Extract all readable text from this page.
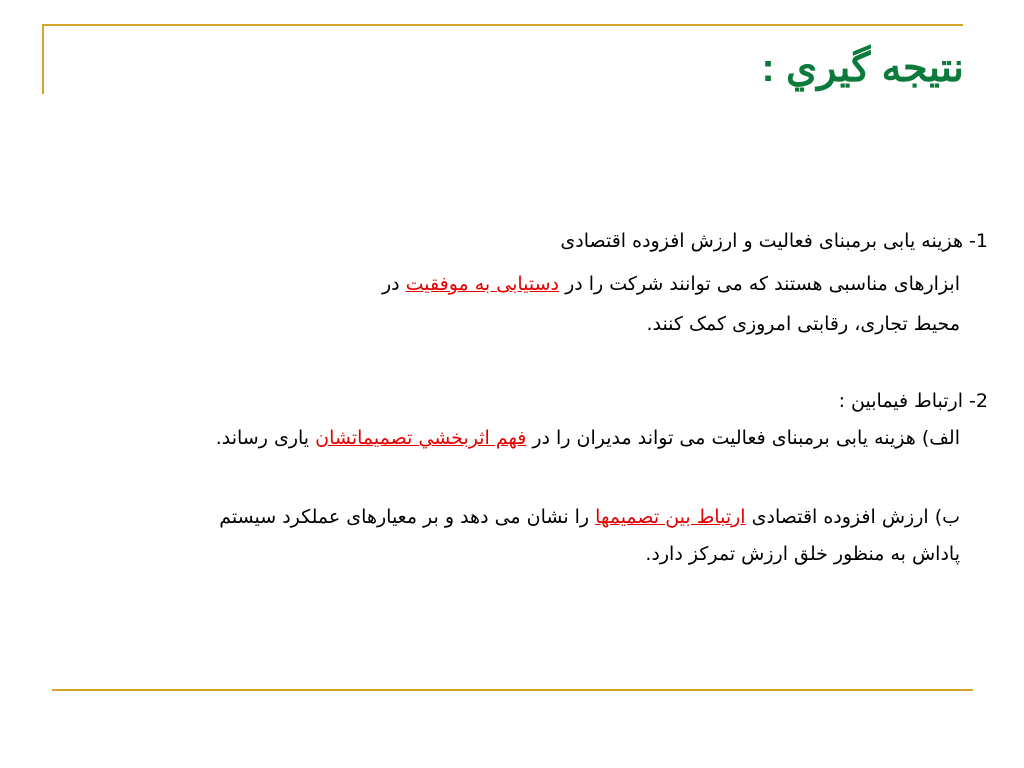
نتيجه گيري :
1- هزینه یابی برمبنای فعالیت و ارزش افزوده اقتصادی
ابزارهای مناسبی هستند که می توانند شرکت را در دستیابی به موفقیت در
محیط تجاری، رقابتی امروزی کمک کنند.
2- ارتباط فیمابین :
الف) هزینه یابی برمبنای فعالیت می تواند مدیران را در فهم اثربخشي تصميماتشان یاری رساند.
ب) ارزش افزوده اقتصادی ارتباط بین تصمیمها را نشان می دهد و بر معیارهای عملکرد سیستم
پاداش به منظور خلق ارزش تمرکز دارد.
